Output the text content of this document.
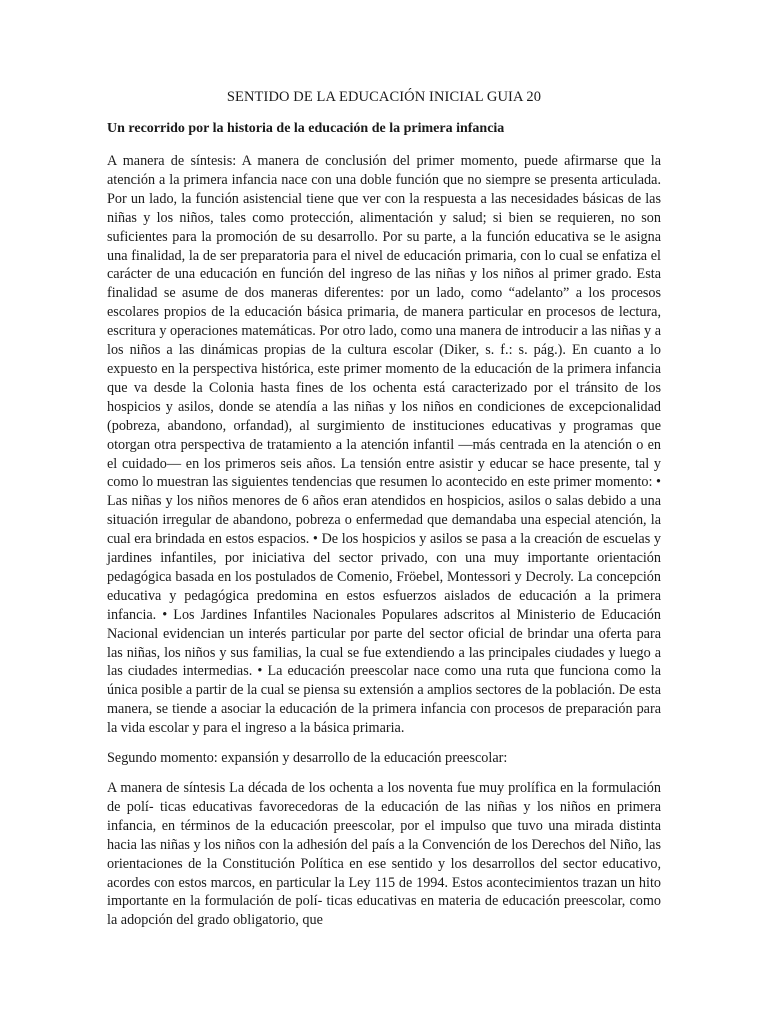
SENTIDO DE LA EDUCACIÓN INICIAL GUIA 20
Un recorrido por la historia de la educación de la primera infancia

A manera de síntesis: A manera de conclusión del primer momento, puede afirmarse que la atención a la primera infancia nace con una doble función que no siempre se presenta articulada. Por un lado, la función asistencial tiene que ver con la respuesta a las necesidades básicas de las niñas y los niños, tales como protección, alimentación y salud; si bien se requieren, no son suficientes para la promoción de su desarrollo. Por su parte, a la función educativa se le asigna una finalidad, la de ser preparatoria para el nivel de educación primaria, con lo cual se enfatiza el carácter de una educación en función del ingreso de las niñas y los niños al primer grado. Esta finalidad se asume de dos maneras diferentes: por un lado, como “adelanto” a los procesos escolares propios de la educación básica primaria, de manera particular en procesos de lectura, escritura y operaciones matemáticas. Por otro lado, como una manera de introducir a las niñas y a los niños a las dinámicas propias de la cultura escolar (Diker, s. f.: s. pág.). En cuanto a lo expuesto en la perspectiva histórica, este primer momento de la educación de la primera infancia que va desde la Colonia hasta fines de los ochenta está caracterizado por el tránsito de los hospicios y asilos, donde se atendía a las niñas y los niños en condiciones de excepcionalidad (pobreza, abandono, orfandad), al surgimiento de instituciones educativas y programas que otorgan otra perspectiva de tratamiento a la atención infantil —más centrada en la atención o en el cuidado— en los primeros seis años. La tensión entre asistir y educar se hace presente, tal y como lo muestran las siguientes tendencias que resumen lo acontecido en este primer momento: • Las niñas y los niños menores de 6 años eran atendidos en hospicios, asilos o salas debido a una situación irregular de abandono, pobreza o enfermedad que demandaba una especial atención, la cual era brindada en estos espacios. • De los hospicios y asilos se pasa a la creación de escuelas y jardines infantiles, por iniciativa del sector privado, con una muy importante orientación pedagógica basada en los postulados de Comenio, Fröebel, Montessori y Decroly. La concepción educativa y pedagógica predomina en estos esfuerzos aislados de educación a la primera infancia. • Los Jardines Infantiles Nacionales Populares adscritos al Ministerio de Educación Nacional evidencian un interés particular por parte del sector oficial de brindar una oferta para las niñas, los niños y sus familias, la cual se fue extendiendo a las principales ciudades y luego a las ciudades intermedias. • La educación preescolar nace como una ruta que funciona como la única posible a partir de la cual se piensa su extensión a amplios sectores de la población. De esta manera, se tiende a asociar la educación de la primera infancia con procesos de preparación para la vida escolar y para el ingreso a la básica primaria.

Segundo momento: expansión y desarrollo de la educación preescolar:

A manera de síntesis La década de los ochenta a los noventa fue muy prolífica en la formulación de polí- ticas educativas favorecedoras de la educación de las niñas y los niños en primera infancia, en términos de la educación preescolar, por el impulso que tuvo una mirada distinta hacia las niñas y los niños con la adhesión del país a la Convención de los Derechos del Niño, las orientaciones de la Constitución Política en ese sentido y los desarrollos del sector educativo, acordes con estos marcos, en particular la Ley 115 de 1994. Estos acontecimientos trazan un hito importante en la formulación de polí- ticas educativas en materia de educación preescolar, como la adopción del grado obligatorio, que
